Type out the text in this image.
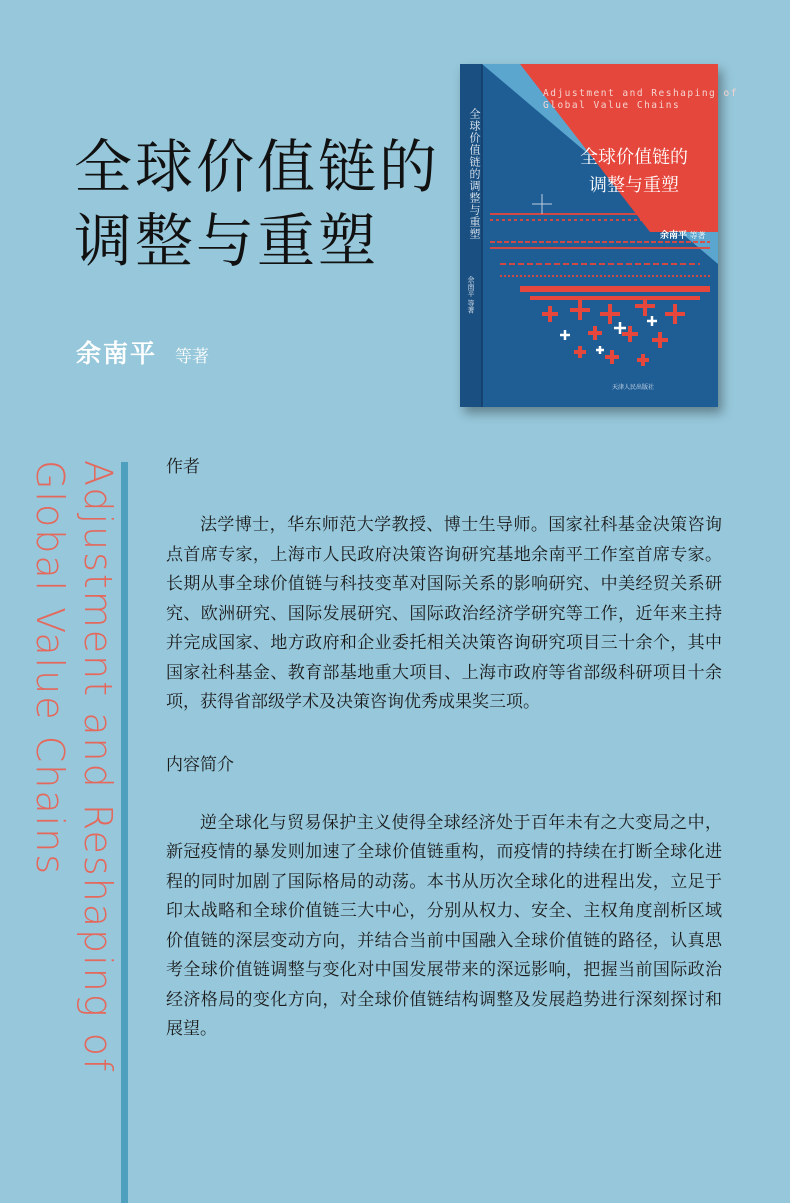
全球价值链的
调整与重塑
余南平 等著
Adjustment and Reshaping of
Global Value Chains
全球价值链的
调整与重塑
余南平 等著
全球价值链的调整与重塑
余南平 等著
天津人民出版社
Adjustment and Reshaping of
Global Value Chains	作者

法学博士，华东师范大学教授、博士生导师。国家社科基金决策咨询点首席专家，上海市人民政府决策咨询研究基地余南平工作室首席专家。长期从事全球价值链与科技变革对国际关系的影响研究、中美经贸关系研究、欧洲研究、国际发展研究、国际政治经济学研究等工作，近年来主持并完成国家、地方政府和企业委托相关决策咨询研究项目三十余个，其中国家社科基金、教育部基地重大项目、上海市政府等省部级科研项目十余项，获得省部级学术及决策咨询优秀成果奖三项。

内容简介

逆全球化与贸易保护主义使得全球经济处于百年未有之大变局之中，新冠疫情的暴发则加速了全球价值链重构，而疫情的持续在打断全球化进程的同时加剧了国际格局的动荡。本书从历次全球化的进程出发，立足于印太战略和全球价值链三大中心，分别从权力、安全、主权角度剖析区域价值链的深层变动方向，并结合当前中国融入全球价值链的路径，认真思考全球价值链调整与变化对中国发展带来的深远影响，把握当前国际政治经济格局的变化方向，对全球价值链结构调整及发展趋势进行深刻探讨和展望。
